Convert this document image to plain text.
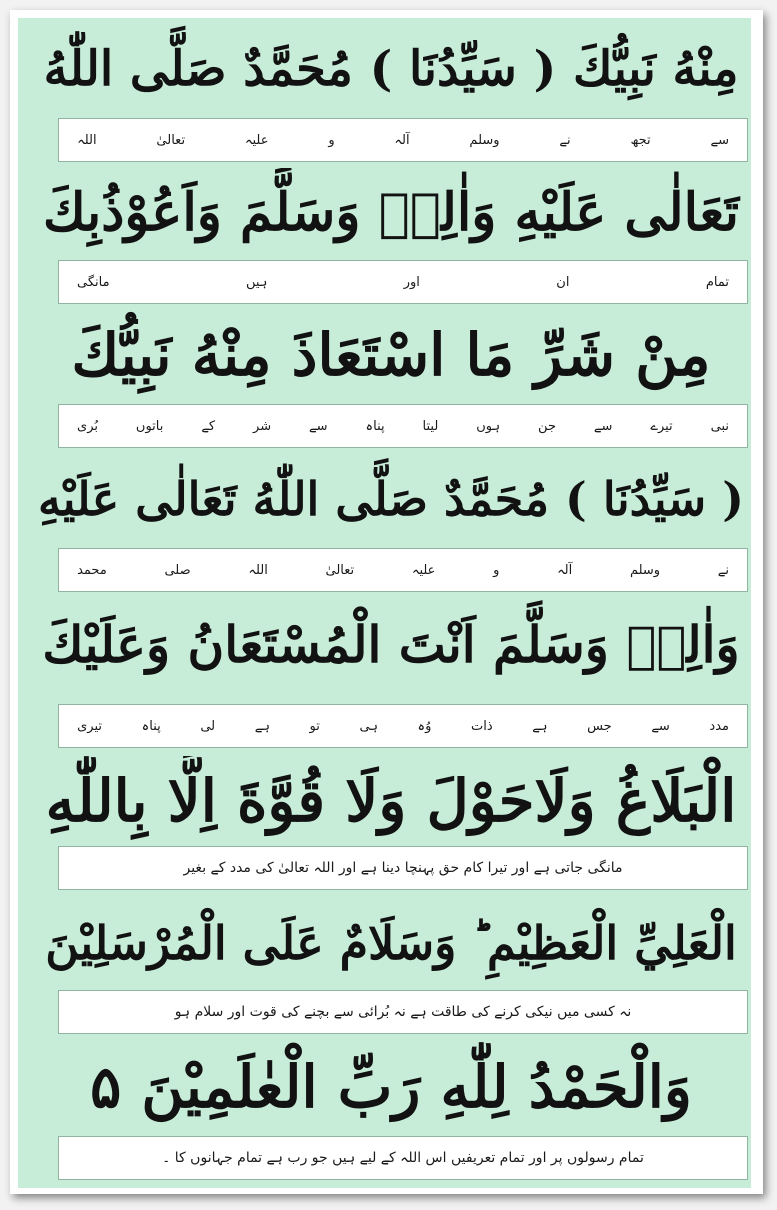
مِنْهُ نَبِيُّكَ ( سَيِّدُنَا ) مُحَمَّدٌ صَلَّى اللّٰهُ
سے
تجھ
نے
وسلم
آلہ
و
علیہ
تعالیٰ
اللہ
تَعَالٰى عَلَيْهِ وَاٰلِهٖ وَسَلَّمَ وَاَعُوْذُبِكَ
تمام
ان
اور
ہیں
مانگی
مِنْ شَرِّ مَا اسْتَعَاذَ مِنْهُ نَبِيُّكَ
نبی
تیرے
سے
جن
ہوں
لیتا
پناہ
سے
شر
کے
باتوں
بُری
( سَيِّدُنَا ) مُحَمَّدٌ صَلَّى اللّٰهُ تَعَالٰى عَلَيْهِ
نے
وسلم
آلہ
و
علیہ
تعالیٰ
اللہ
صلی
محمد
وَاٰلِهٖ وَسَلَّمَ اَنْتَ الْمُسْتَعَانُ وَعَلَيْكَ
مدد
سے
جس
ہے
ذات
وُہ
ہی
تو
ہے
لی
پناہ
تیری
الْبَلَاغُ وَلَاحَوْلَ وَلَا قُوَّةَ اِلَّا بِاللّٰهِ
مانگی جاتی ہے اور تیرا کام حق پہنچا دینا ہے اور اللہ تعالیٰ کی مدد کے بغیر
الْعَلِيِّ الْعَظِيْمِ ؕ وَسَلَامٌ عَلَى الْمُرْسَلِيْنَ
نہ کسی میں نیکی کرنے کی طاقت ہے نہ بُرائی سے بچنے کی قوت اور سلام ہو
وَالْحَمْدُ لِلّٰهِ رَبِّ الْعٰلَمِيْنَ ۵
تمام رسولوں پر اور تمام تعریفیں اس اللہ کے لیے ہیں جو رب ہے تمام جہانوں کا ۔
